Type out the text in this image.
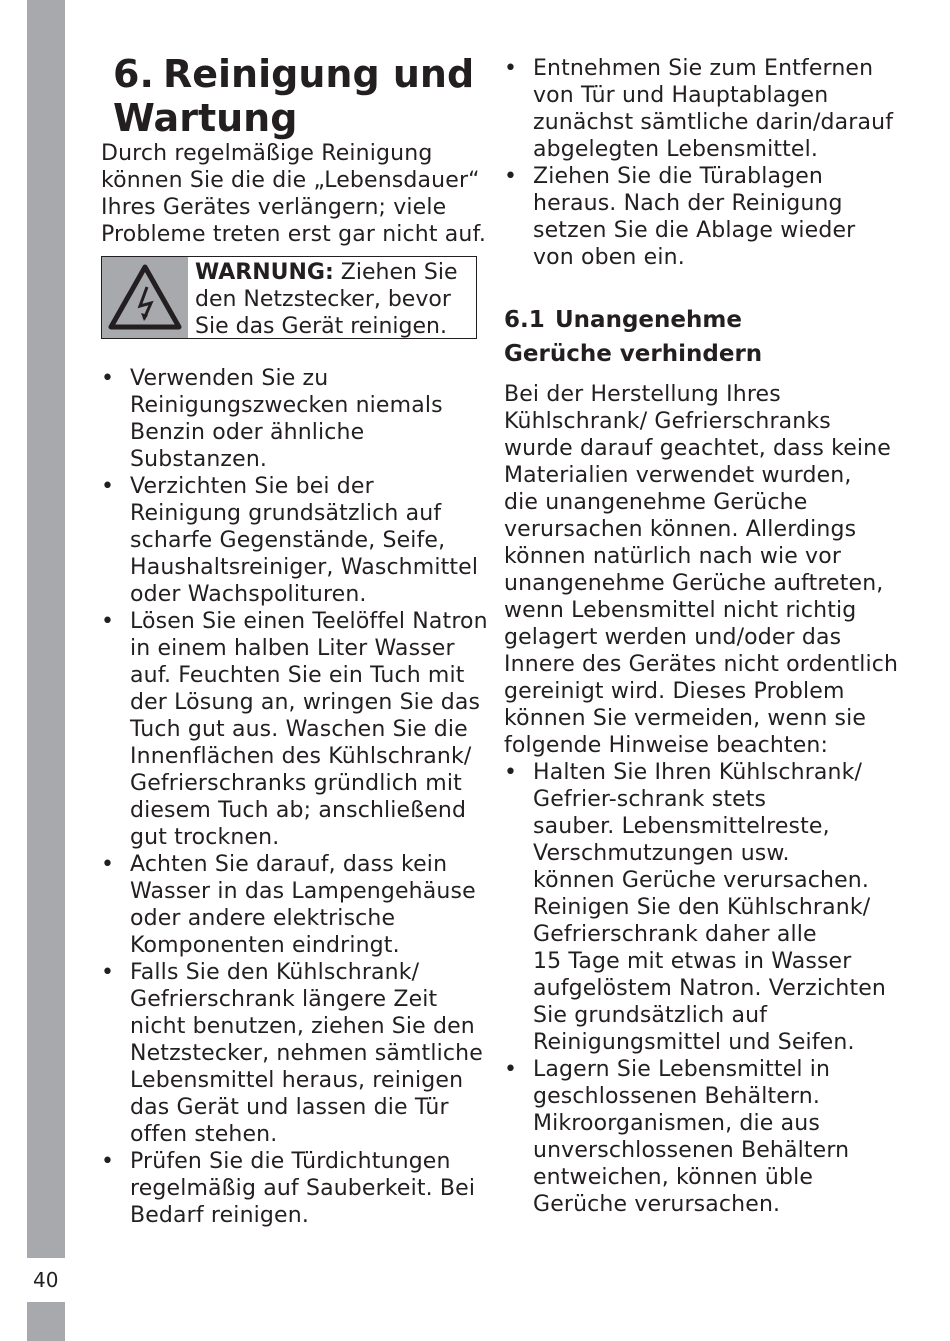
40
6. Reinigung und
Wartung

Durch regelmäßige Reinigung

können Sie die die „Lebensdauer“

Ihres Gerätes verlängern; viele

Probleme treten erst gar nicht auf.

WARNUNG: Ziehen Sie
den Netzstecker, bevor
Sie das Gerät reinigen.
• Verwenden Sie zu
Reinigungszwecken niemals
Benzin oder ähnliche
Substanzen.
• Verzichten Sie bei der
Reinigung grundsätzlich auf
scharfe Gegenstände, Seife,
Haushaltsreiniger, Waschmittel
oder Wachspolituren.
• Lösen Sie einen Teelöffel Natron
in einem halben Liter Wasser
auf. Feuchten Sie ein Tuch mit
der Lösung an, wringen Sie das
Tuch gut aus. Waschen Sie die
Innenflächen des Kühlschrank/
Gefrierschranks gründlich mit
diesem Tuch ab; anschließend
gut trocknen.
• Achten Sie darauf, dass kein
Wasser in das Lampengehäuse
oder andere elektrische
Komponenten eindringt.
• Falls Sie den Kühlschrank/
Gefrierschrank längere Zeit
nicht benutzen, ziehen Sie den
Netzstecker, nehmen sämtliche
Lebensmittel heraus, reinigen
das Gerät und lassen die Tür
offen stehen.
• Prüfen Sie die Türdichtungen
regelmäßig auf Sauberkeit. Bei
Bedarf reinigen.
• Entnehmen Sie zum Entfernen
von Tür und Hauptablagen
zunächst sämtliche darin/darauf
abgelegten Lebensmittel.
• Ziehen Sie die Türablagen
heraus. Nach der Reinigung
setzen Sie die Ablage wieder
von oben ein.
6.1 Unangenehme
Gerüche verhindern

Bei der Herstellung Ihres

Kühlschrank/ Gefrierschranks

wurde darauf geachtet, dass keine

Materialien verwendet wurden,

die unangenehme Gerüche

verursachen können. Allerdings

können natürlich nach wie vor

unangenehme Gerüche auftreten,

wenn Lebensmittel nicht richtig

gelagert werden und/oder das

Innere des Gerätes nicht ordentlich

gereinigt wird. Dieses Problem

können Sie vermeiden, wenn sie

folgende Hinweise beachten:

• Halten Sie Ihren Kühlschrank/
Gefrier-schrank stets
sauber. Lebensmittelreste,
Verschmutzungen usw.
können Gerüche verursachen.
Reinigen Sie den Kühlschrank/
Gefrierschrank daher alle
15 Tage mit etwas in Wasser
aufgelöstem Natron. Verzichten
Sie grundsätzlich auf
Reinigungsmittel und Seifen.
• Lagern Sie Lebensmittel in
geschlossenen Behältern.
Mikroorganismen, die aus
unverschlossenen Behältern
entweichen, können üble
Gerüche verursachen.
